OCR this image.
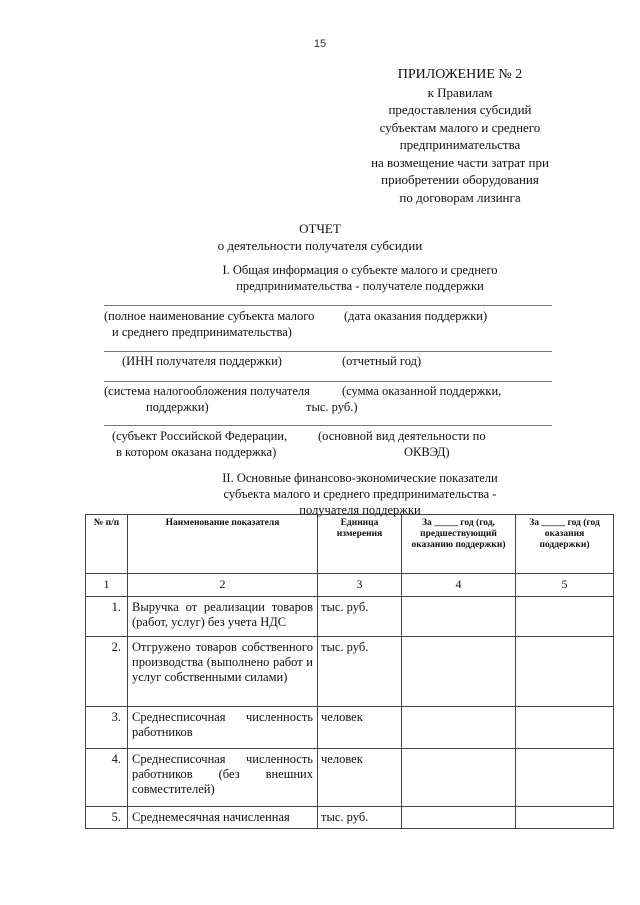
15
ПРИЛОЖЕНИЕ № 2
к Правилам
предоставления субсидий
субъектам малого и среднего
предпринимательства
на возмещение части затрат при
приобретении оборудования
по договорам лизинга
ОТЧЕТ
о деятельности получателя субсидии
I. Общая информация о субъекте малого и среднего
предпринимательства - получателе поддержки
(полное наименование субъекта малого
и среднего предпринимательства)
(дата оказания поддержки)
(ИНН получателя поддержки)	(отчетный год)
(система налогообложения получателя
поддержки)
(сумма оказанной поддержки,
тыс. руб.)
(субъект Российской Федерации,
в котором оказана поддержка)
(основной вид деятельности по
ОКВЭД)
II. Основные финансово-экономические показатели
субъекта малого и среднего предпринимательства -
получателя поддержки
№ п/п	Наименование показателя	Единица измерения	За _____ год (год, предшествующий оказанию поддержки)	За _____ год (год оказания поддержки)
1	2	3	4	5
1.	Выручка от реализации товаров (работ, услуг) без учета НДС	тыс. руб.		
2.	Отгружено товаров собственного производства (выполнено работ и услуг собственными силами)	тыс. руб.		
3.	Среднесписочная численность работников	человек		
4.	Среднесписочная численность работников (без внешних совместителей)	человек		
5.	Среднемесячная начисленная	тыс. руб.		
